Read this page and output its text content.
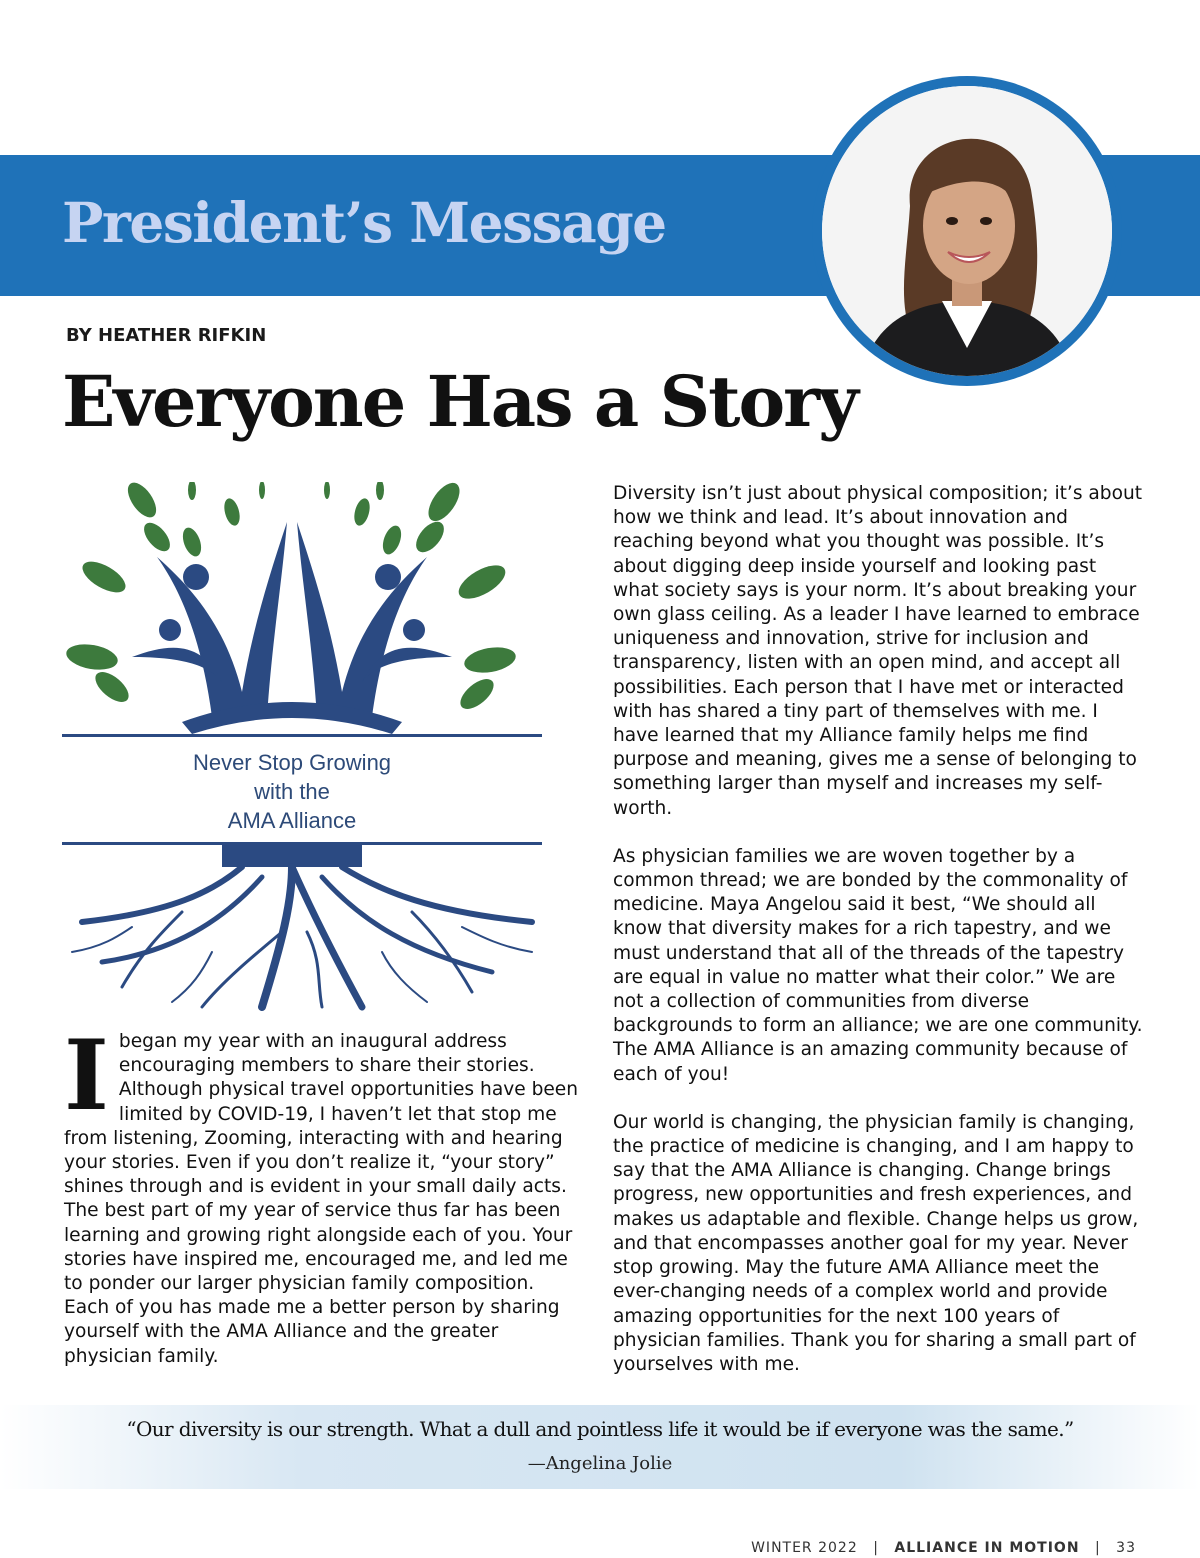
President’s Message
BY HEATHER RIFKIN
Everyone Has a Story
Never Stop Growing
with the
AMA Alliance
I began my year with an inaugural address encouraging members to share their stories. Although physical travel opportunities have been limited by COVID-19, I haven’t let that stop me from listening, Zooming, interacting with and hearing your stories. Even if you don’t realize it, “your story” shines through and is evident in your small daily acts. The best part of my year of service thus far has been learning and growing right alongside each of you. Your stories have inspired me, encouraged me, and led me to ponder our larger physician family composition. Each of you has made me a better person by sharing yourself with the AMA Alliance and the greater physician family.

Diversity isn’t just about physical composition; it’s about how we think and lead. It’s about innovation and reaching beyond what you thought was possible. It’s about digging deep inside yourself and looking past what society says is your norm. It’s about breaking your own glass ceiling. As a leader I have learned to embrace uniqueness and innovation, strive for inclusion and transparency, listen with an open mind, and accept all possibilities. Each person that I have met or interacted with has shared a tiny part of themselves with me. I have learned that my Alliance family helps me find purpose and meaning, gives me a sense of belonging to something larger than myself and increases my self-worth.

As physician families we are woven together by a common thread; we are bonded by the commonality of medicine. Maya Angelou said it best, “We should all know that diversity makes for a rich tapestry, and we must understand that all of the threads of the tapestry are equal in value no matter what their color.” We are not a collection of communities from diverse backgrounds to form an alliance; we are one community. The AMA Alliance is an amazing community because of each of you!

Our world is changing, the physician family is changing, the practice of medicine is changing, and I am happy to say that the AMA Alliance is changing. Change brings progress, new opportunities and fresh experiences, and makes us adaptable and flexible. Change helps us grow, and that encompasses another goal for my year. Never stop growing. May the future AMA Alliance meet the ever-changing needs of a complex world and provide amazing opportunities for the next 100 years of physician families. Thank you for sharing a small part of yourselves with me.

“Our diversity is our strength. What a dull and pointless life it would be if everyone was the same.”
—Angelina Jolie
WINTER 2022 | ALLIANCE IN MOTION | 33
